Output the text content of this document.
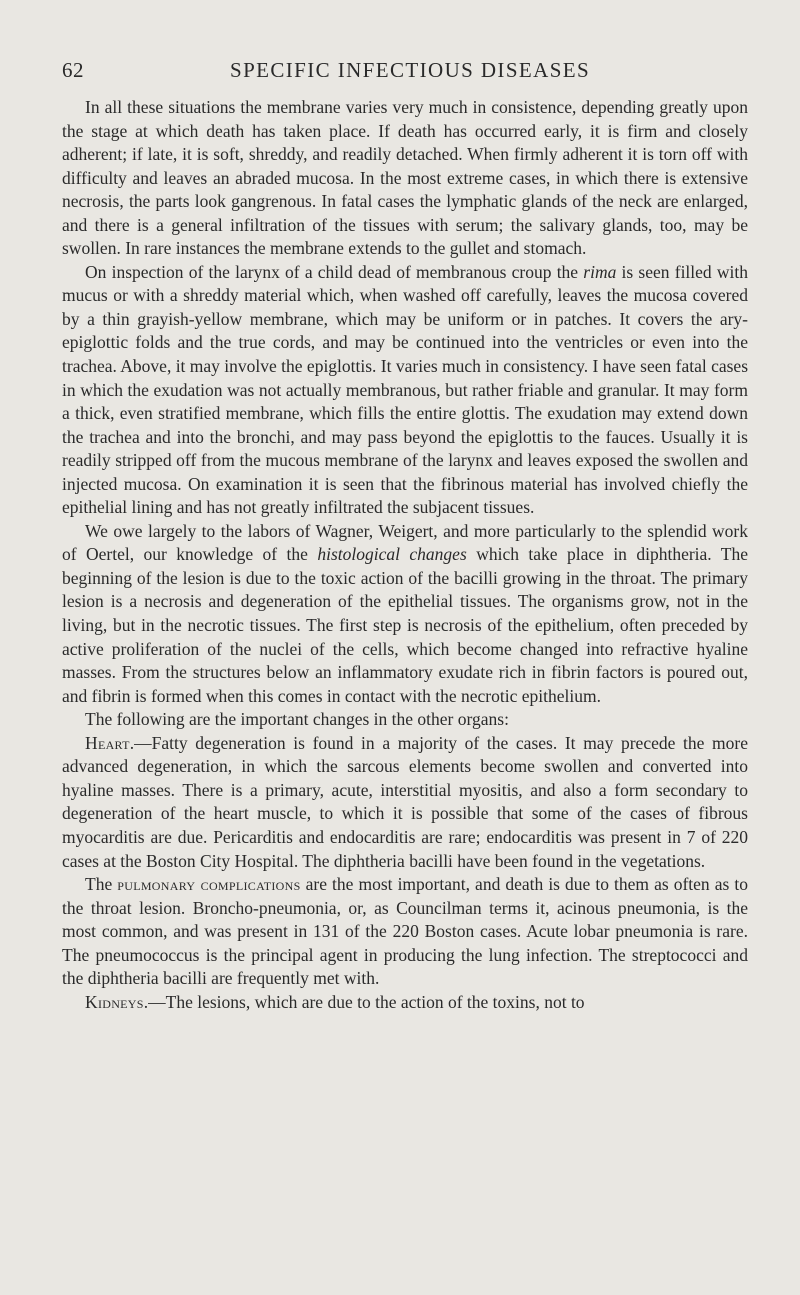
62	SPECIFIC INFECTIOUS DISEASES

In all these situations the membrane varies very much in consistence, depending greatly upon the stage at which death has taken place. If death has occurred early, it is firm and closely adherent; if late, it is soft, shreddy, and readily detached. When firmly adherent it is torn off with difficulty and leaves an abraded mucosa. In the most extreme cases, in which there is extensive necrosis, the parts look gangrenous. In fatal cases the lymphatic glands of the neck are enlarged, and there is a general infiltration of the tissues with serum; the salivary glands, too, may be swollen. In rare instances the membrane extends to the gullet and stomach.

On inspection of the larynx of a child dead of membranous croup the rima is seen filled with mucus or with a shreddy material which, when washed off carefully, leaves the mucosa covered by a thin grayish-yellow membrane, which may be uniform or in patches. It covers the ary-epiglottic folds and the true cords, and may be continued into the ventricles or even into the trachea. Above, it may involve the epiglottis. It varies much in consistency. I have seen fatal cases in which the exudation was not actually membranous, but rather friable and granular. It may form a thick, even stratified membrane, which fills the entire glottis. The exudation may extend down the trachea and into the bronchi, and may pass beyond the epiglottis to the fauces. Usually it is readily stripped off from the mucous membrane of the larynx and leaves exposed the swollen and injected mucosa. On examination it is seen that the fibrinous material has involved chiefly the epithelial lining and has not greatly infiltrated the subjacent tissues.

We owe largely to the labors of Wagner, Weigert, and more particularly to the splendid work of Oertel, our knowledge of the histological changes which take place in diphtheria. The beginning of the lesion is due to the toxic action of the bacilli growing in the throat. The primary lesion is a necrosis and degeneration of the epithelial tissues. The organisms grow, not in the living, but in the necrotic tissues. The first step is necrosis of the epithelium, often preceded by active proliferation of the nuclei of the cells, which become changed into refractive hyaline masses. From the structures below an inflammatory exudate rich in fibrin factors is poured out, and fibrin is formed when this comes in contact with the necrotic epithelium.

The following are the important changes in the other organs:

Heart.—Fatty degeneration is found in a majority of the cases. It may precede the more advanced degeneration, in which the sarcous elements become swollen and converted into hyaline masses. There is a primary, acute, interstitial myositis, and also a form secondary to degeneration of the heart muscle, to which it is possible that some of the cases of fibrous myocarditis are due. Pericarditis and endocarditis are rare; endocarditis was present in 7 of 220 cases at the Boston City Hospital. The diphtheria bacilli have been found in the vegetations.

The pulmonary complications are the most important, and death is due to them as often as to the throat lesion. Broncho-pneumonia, or, as Councilman terms it, acinous pneumonia, is the most common, and was present in 131 of the 220 Boston cases. Acute lobar pneumonia is rare. The pneumococcus is the principal agent in producing the lung infection. The streptococci and the diphtheria bacilli are frequently met with.

Kidneys.—The lesions, which are due to the action of the toxins, not to
